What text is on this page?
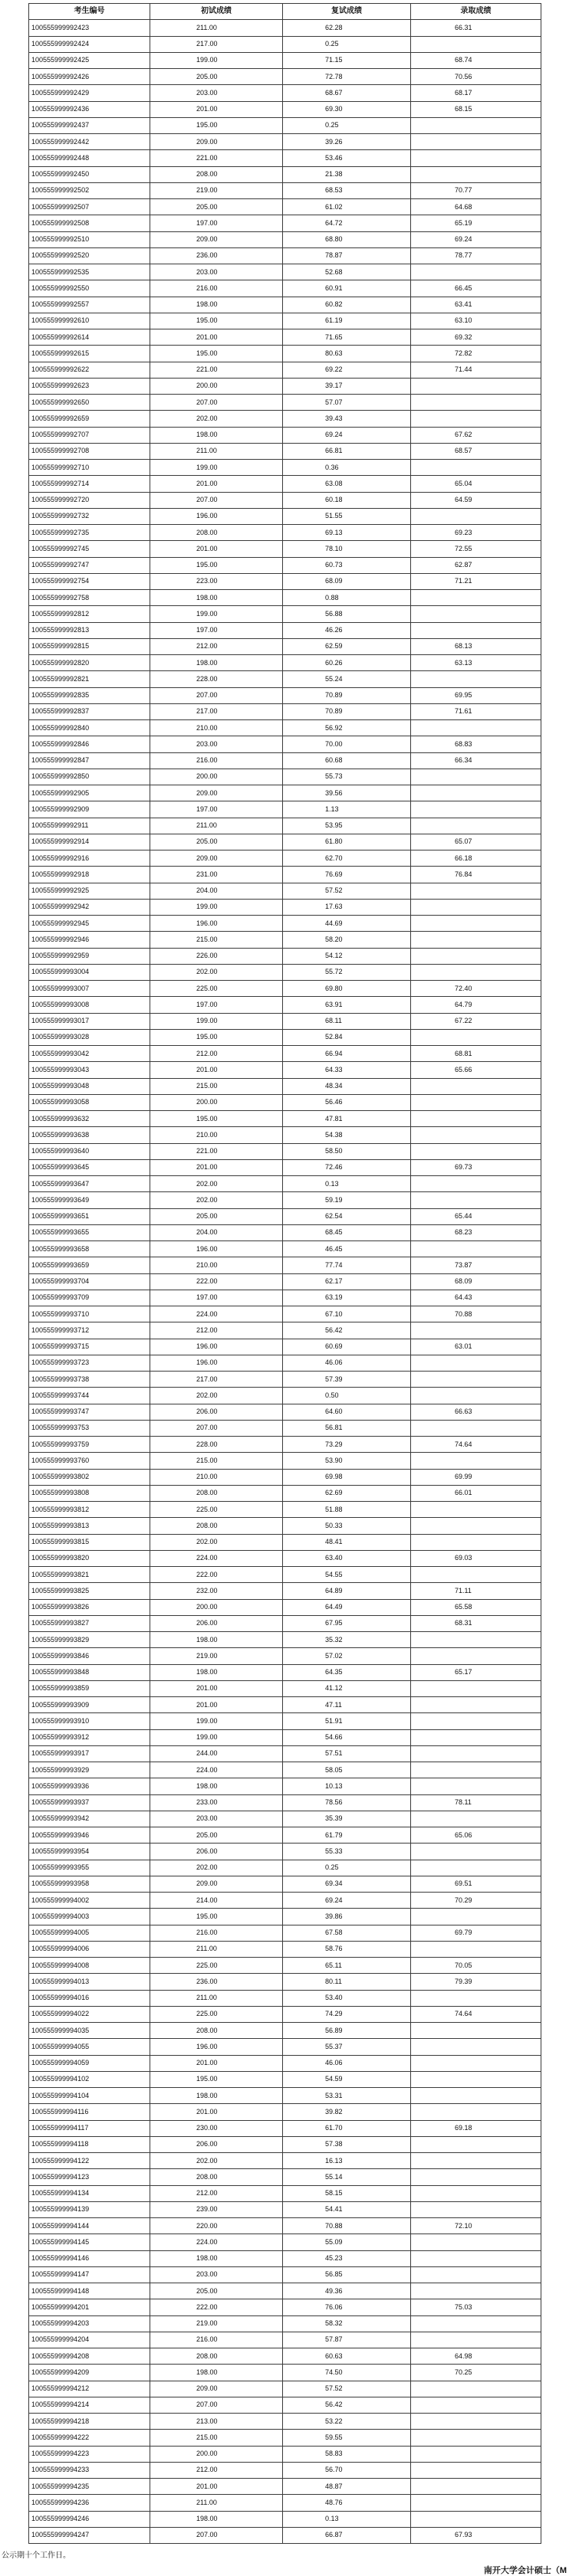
考生编号	初试成绩	复试成绩	录取成绩
100555999992423	211.00	62.28	66.31
100555999992424	217.00	0.25	
100555999992425	199.00	71.15	68.74
100555999992426	205.00	72.78	70.56
100555999992429	203.00	68.67	68.17
100555999992436	201.00	69.30	68.15
100555999992437	195.00	0.25	
100555999992442	209.00	39.26	
100555999992448	221.00	53.46	
100555999992450	208.00	21.38	
100555999992502	219.00	68.53	70.77
100555999992507	205.00	61.02	64.68
100555999992508	197.00	64.72	65.19
100555999992510	209.00	68.80	69.24
100555999992520	236.00	78.87	78.77
100555999992535	203.00	52.68	
100555999992550	216.00	60.91	66.45
100555999992557	198.00	60.82	63.41
100555999992610	195.00	61.19	63.10
100555999992614	201.00	71.65	69.32
100555999992615	195.00	80.63	72.82
100555999992622	221.00	69.22	71.44
100555999992623	200.00	39.17	
100555999992650	207.00	57.07	
100555999992659	202.00	39.43	
100555999992707	198.00	69.24	67.62
100555999992708	211.00	66.81	68.57
100555999992710	199.00	0.36	
100555999992714	201.00	63.08	65.04
100555999992720	207.00	60.18	64.59
100555999992732	196.00	51.55	
100555999992735	208.00	69.13	69.23
100555999992745	201.00	78.10	72.55
100555999992747	195.00	60.73	62.87
100555999992754	223.00	68.09	71.21
100555999992758	198.00	0.88	
100555999992812	199.00	56.88	
100555999992813	197.00	46.26	
100555999992815	212.00	62.59	68.13
100555999992820	198.00	60.26	63.13
100555999992821	228.00	55.24	
100555999992835	207.00	70.89	69.95
100555999992837	217.00	70.89	71.61
100555999992840	210.00	56.92	
100555999992846	203.00	70.00	68.83
100555999992847	216.00	60.68	66.34
100555999992850	200.00	55.73	
100555999992905	209.00	39.56	
100555999992909	197.00	1.13	
100555999992911	211.00	53.95	
100555999992914	205.00	61.80	65.07
100555999992916	209.00	62.70	66.18
100555999992918	231.00	76.69	76.84
100555999992925	204.00	57.52	
100555999992942	199.00	17.63	
100555999992945	196.00	44.69	
100555999992946	215.00	58.20	
100555999992959	226.00	54.12	
100555999993004	202.00	55.72	
100555999993007	225.00	69.80	72.40
100555999993008	197.00	63.91	64.79
100555999993017	199.00	68.11	67.22
100555999993028	195.00	52.84	
100555999993042	212.00	66.94	68.81
100555999993043	201.00	64.33	65.66
100555999993048	215.00	48.34	
100555999993058	200.00	56.46	
100555999993632	195.00	47.81	
100555999993638	210.00	54.38	
100555999993640	221.00	58.50	
100555999993645	201.00	72.46	69.73
100555999993647	202.00	0.13	
100555999993649	202.00	59.19	
100555999993651	205.00	62.54	65.44
100555999993655	204.00	68.45	68.23
100555999993658	196.00	46.45	
100555999993659	210.00	77.74	73.87
100555999993704	222.00	62.17	68.09
100555999993709	197.00	63.19	64.43
100555999993710	224.00	67.10	70.88
100555999993712	212.00	56.42	
100555999993715	196.00	60.69	63.01
100555999993723	196.00	46.06	
100555999993738	217.00	57.39	
100555999993744	202.00	0.50	
100555999993747	206.00	64.60	66.63
100555999993753	207.00	56.81	
100555999993759	228.00	73.29	74.64
100555999993760	215.00	53.90	
100555999993802	210.00	69.98	69.99
100555999993808	208.00	62.69	66.01
100555999993812	225.00	51.88	
100555999993813	208.00	50.33	
100555999993815	202.00	48.41	
100555999993820	224.00	63.40	69.03
100555999993821	222.00	54.55	
100555999993825	232.00	64.89	71.11
100555999993826	200.00	64.49	65.58
100555999993827	206.00	67.95	68.31
100555999993829	198.00	35.32	
100555999993846	219.00	57.02	
100555999993848	198.00	64.35	65.17
100555999993859	201.00	41.12	
100555999993909	201.00	47.11	
100555999993910	199.00	51.91	
100555999993912	199.00	54.66	
100555999993917	244.00	57.51	
100555999993929	224.00	58.05	
100555999993936	198.00	10.13	
100555999993937	233.00	78.56	78.11
100555999993942	203.00	35.39	
100555999993946	205.00	61.79	65.06
100555999993954	206.00	55.33	
100555999993955	202.00	0.25	
100555999993958	209.00	69.34	69.51
100555999994002	214.00	69.24	70.29
100555999994003	195.00	39.86	
100555999994005	216.00	67.58	69.79
100555999994006	211.00	58.76	
100555999994008	225.00	65.11	70.05
100555999994013	236.00	80.11	79.39
100555999994016	211.00	53.40	
100555999994022	225.00	74.29	74.64
100555999994035	208.00	56.89	
100555999994055	196.00	55.37	
100555999994059	201.00	46.06	
100555999994102	195.00	54.59	
100555999994104	198.00	53.31	
100555999994116	201.00	39.82	
100555999994117	230.00	61.70	69.18
100555999994118	206.00	57.38	
100555999994122	202.00	16.13	
100555999994123	208.00	55.14	
100555999994134	212.00	58.15	
100555999994139	239.00	54.41	
100555999994144	220.00	70.88	72.10
100555999994145	224.00	55.09	
100555999994146	198.00	45.23	
100555999994147	203.00	56.85	
100555999994148	205.00	49.36	
100555999994201	222.00	76.06	75.03
100555999994203	219.00	58.32	
100555999994204	216.00	57.87	
100555999994208	208.00	60.63	64.98
100555999994209	198.00	74.50	70.25
100555999994212	209.00	57.52	
100555999994214	207.00	56.42	
100555999994218	213.00	53.22	
100555999994222	215.00	59.55	
100555999994223	200.00	58.83	
100555999994233	212.00	56.70	
100555999994235	201.00	48.87	
100555999994236	211.00	48.76	
100555999994246	198.00	0.13	
100555999994247	207.00	66.87	67.93
公示期十个工作日。
南开大学会计硕士（M
